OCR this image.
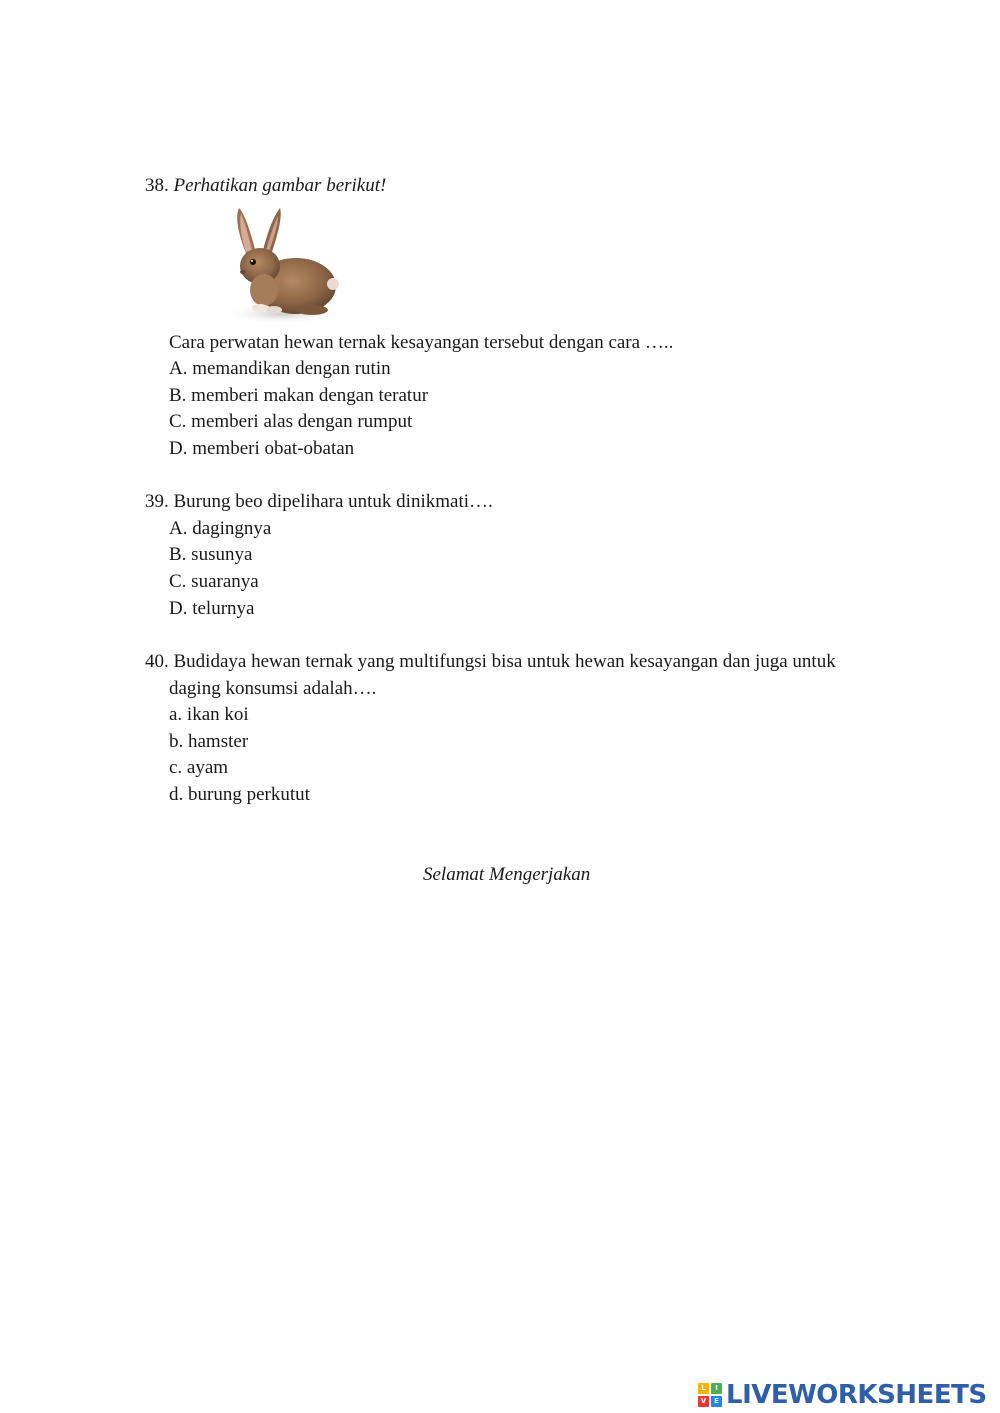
38. Perhatikan gambar berikut!
Cara perwatan hewan ternak kesayangan tersebut dengan cara …..
A. memandikan dengan rutin
B. memberi makan dengan teratur
C. memberi alas dengan rumput
D. memberi obat-obatan
39. Burung beo dipelihara untuk dinikmati….
A. dagingnya
B. susunya
C. suaranya
D. telurnya
40. Budidaya hewan ternak yang multifungsi bisa untuk hewan kesayangan dan juga untuk
daging konsumsi adalah….
a. ikan koi
b. hamster
c. ayam
d. burung perkutut
Selamat Mengerjakan
L	I
V	E LIVEWORKSHEETS
